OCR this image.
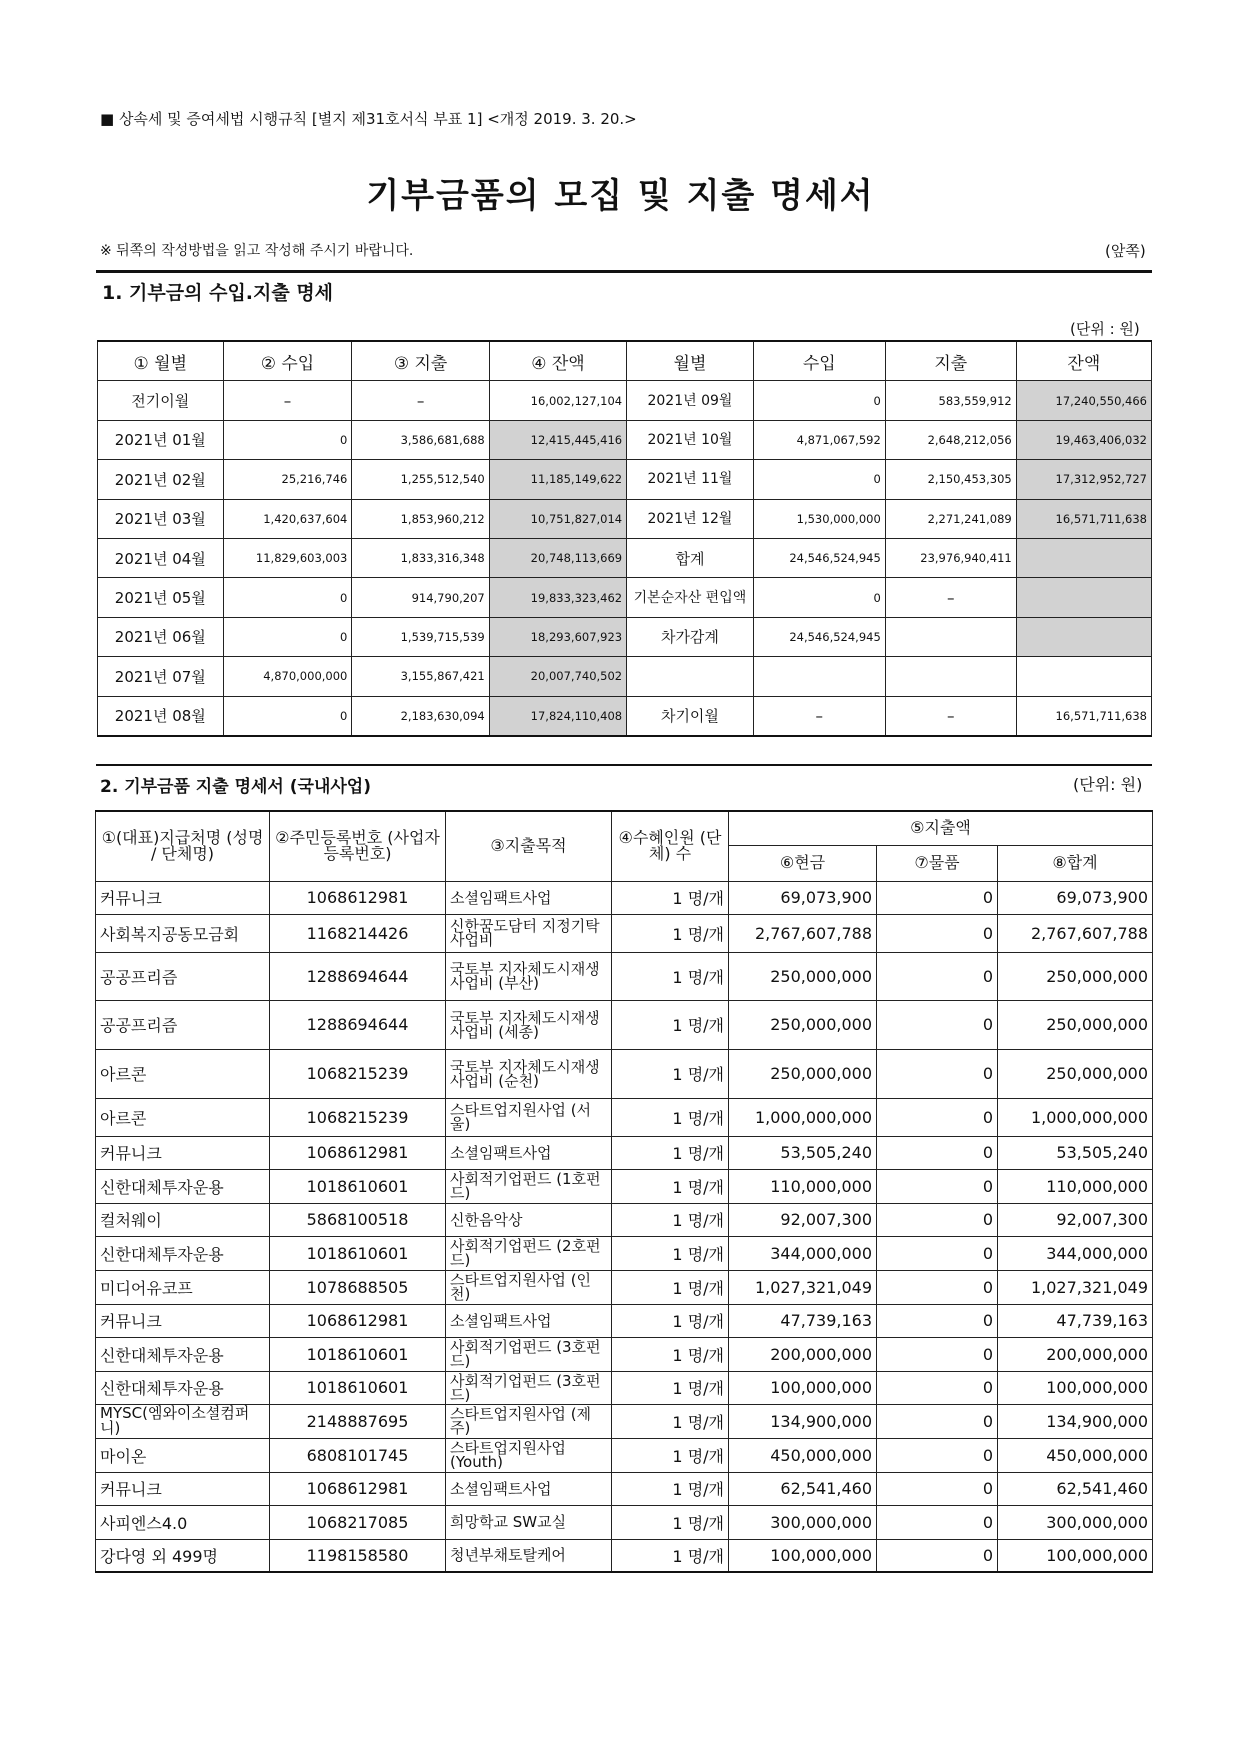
■ 상속세 및 증여세법 시행규칙 [별지 제31호서식 부표 1] <개정 2019. 3. 20.>
기부금품의 모집 및 지출 명세서
※ 뒤쪽의 작성방법을 읽고 작성해 주시기 바랍니다.	(앞쪽)
1. 기부금의 수입.지출 명세
(단위 : 원)
① 월별	② 수입	③ 지출	④ 잔액	월별	수입	지출	잔액
전기이월	–	–	16,002,127,104	2021년 09월	0	583,559,912	17,240,550,466
2021년 01월	0	3,586,681,688	12,415,445,416	2021년 10월	4,871,067,592	2,648,212,056	19,463,406,032
2021년 02월	25,216,746	1,255,512,540	11,185,149,622	2021년 11월	0	2,150,453,305	17,312,952,727
2021년 03월	1,420,637,604	1,853,960,212	10,751,827,014	2021년 12월	1,530,000,000	2,271,241,089	16,571,711,638
2021년 04월	11,829,603,003	1,833,316,348	20,748,113,669	합계	24,546,524,945	23,976,940,411	
2021년 05월	0	914,790,207	19,833,323,462	기본순자산 편입액	0	–	
2021년 06월	0	1,539,715,539	18,293,607,923	차가감계	24,546,524,945		
2021년 07월	4,870,000,000	3,155,867,421	20,007,740,502				
2021년 08월	0	2,183,630,094	17,824,110,408	차기이월	–	–	16,571,711,638
2. 기부금품 지출 명세서 (국내사업)	(단위: 원)
①(대표)지급처명 (성명 / 단체명)	②주민등록번호 (사업자등록번호)	③지출목적	④수혜인원 (단체) 수	⑤지출액		
				⑥현금	⑦물품	⑧합계
커뮤니크	1068612981	소셜임팩트사업	1 명/개	69,073,900	0	69,073,900
사회복지공동모금회	1168214426	신한꿈도담터 지정기탁 사업비	1 명/개	2,767,607,788	0	2,767,607,788
공공프리즘	1288694644	국토부 지자체도시재생사업비 (부산)	1 명/개	250,000,000	0	250,000,000
공공프리즘	1288694644	국토부 지자체도시재생사업비 (세종)	1 명/개	250,000,000	0	250,000,000
아르콘	1068215239	국토부 지자체도시재생사업비 (순천)	1 명/개	250,000,000	0	250,000,000
아르콘	1068215239	스타트업지원사업 (서울)	1 명/개	1,000,000,000	0	1,000,000,000
커뮤니크	1068612981	소셜임팩트사업	1 명/개	53,505,240	0	53,505,240
신한대체투자운용	1018610601	사회적기업펀드 (1호펀드)	1 명/개	110,000,000	0	110,000,000
컬처웨이	5868100518	신한음악상	1 명/개	92,007,300	0	92,007,300
신한대체투자운용	1018610601	사회적기업펀드 (2호펀드)	1 명/개	344,000,000	0	344,000,000
미디어유코프	1078688505	스타트업지원사업 (인천)	1 명/개	1,027,321,049	0	1,027,321,049
커뮤니크	1068612981	소셜임팩트사업	1 명/개	47,739,163	0	47,739,163
신한대체투자운용	1018610601	사회적기업펀드 (3호펀드)	1 명/개	200,000,000	0	200,000,000
신한대체투자운용	1018610601	사회적기업펀드 (3호펀드)	1 명/개	100,000,000	0	100,000,000
MYSC(엠와이소셜컴퍼니)	2148887695	스타트업지원사업 (제주)	1 명/개	134,900,000	0	134,900,000
마이온	6808101745	스타트업지원사업 (Youth)	1 명/개	450,000,000	0	450,000,000
커뮤니크	1068612981	소셜임팩트사업	1 명/개	62,541,460	0	62,541,460
사피엔스4.0	1068217085	희망학교 SW교실	1 명/개	300,000,000	0	300,000,000
강다영 외 499명	1198158580	청년부채토탈케어	1 명/개	100,000,000	0	100,000,000
